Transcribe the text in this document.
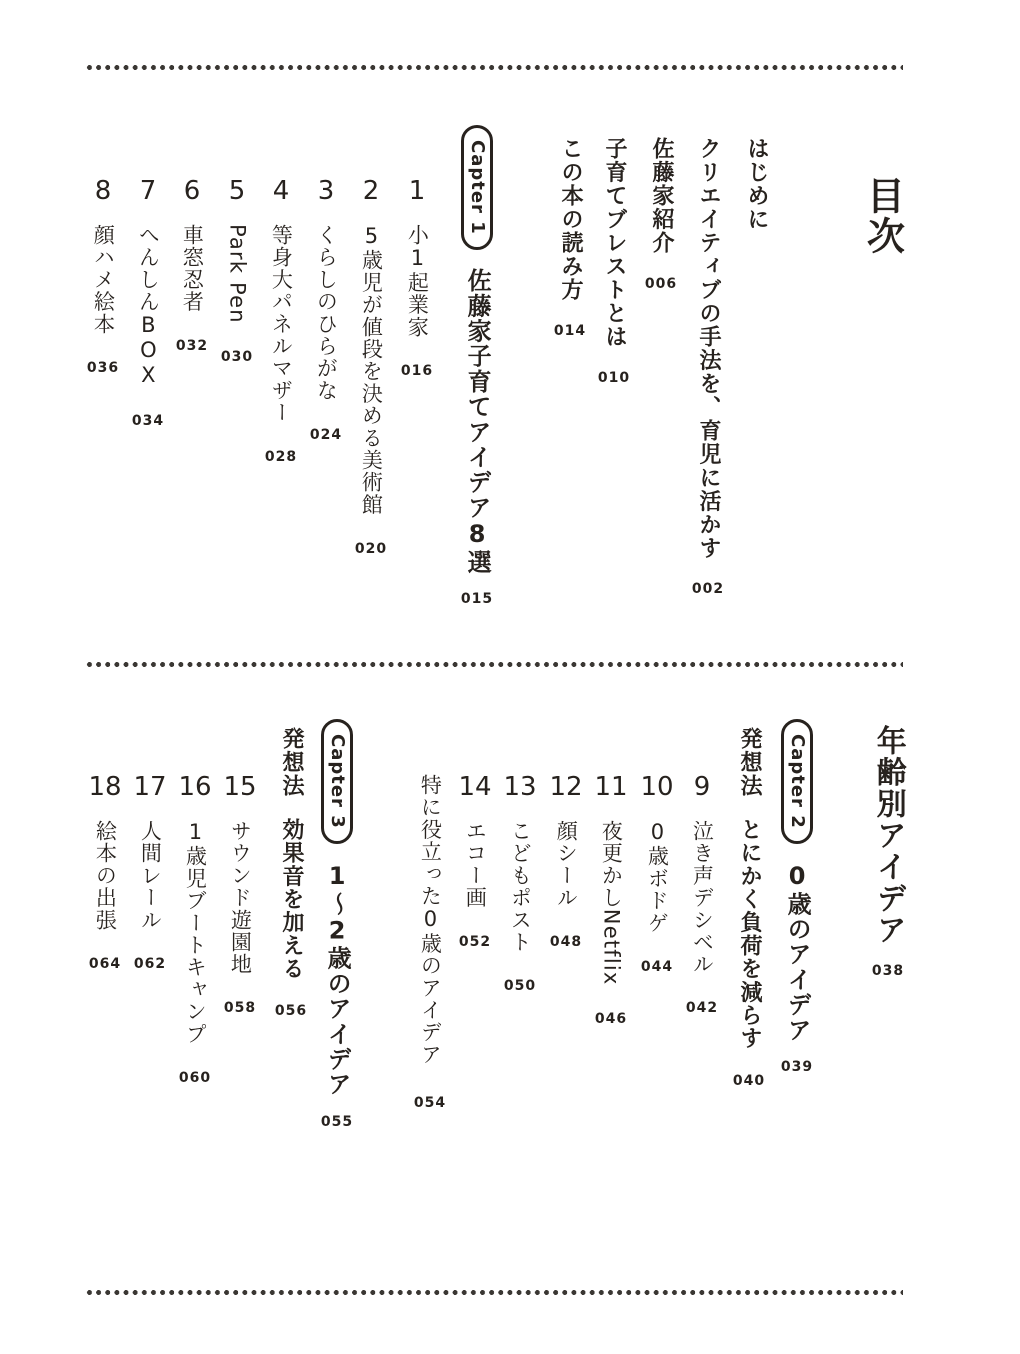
目次
はじめに
クリエイティブの手法を、育児に活かす
002
佐藤家紹介
006
子育てブレストとは
010
この本の読み方
014
Capter 1
佐藤家子育てアイデア8選
015
1
小1起業家
016
2
5歳児が値段を決める美術館
020
3
くらしのひらがな
024
4
等身大パネルマザー
028
5
Park Pen
030
6
車窓忍者
032
7
へんしんBOX
034
8
顔ハメ絵本
036
年齢別アイデア
038
Capter 2
0歳のアイデア
039
発想法
とにかく負荷を減らす
040
9
泣き声デシベル
042
10
0歳ボドゲ
044
11
夜更かしNetflix
046
12
顔シール
048
13
こどもポスト
050
14
エコー画
052
特に役立った0歳のアイデア
054
Capter 3
1〜2歳のアイデア
055
発想法
効果音を加える
056
15
サウンド遊園地
058
16
1歳児ブートキャンプ
060
17
人間レール
062
18
絵本の出張
064
